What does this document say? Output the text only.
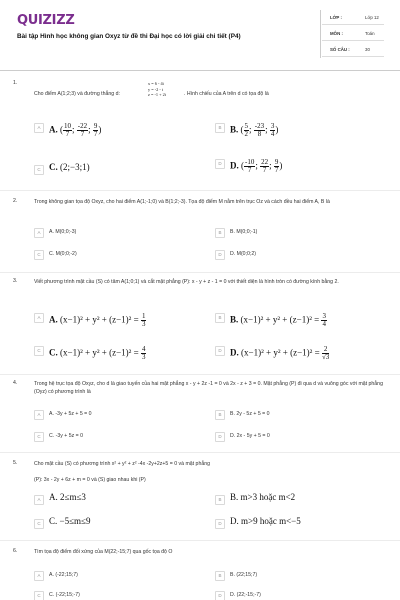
QUIZIZZ
Bài tập Hình học không gian Oxyz từ đề thi Đại học có lời giải chi tiết (P4)
LỚP :	Lớp 12
MÔN :	Toán
SỐ CÂU :	30
1.
Cho điểm A(1;2;3) và đường thẳng d:
x = 6 - 4t
y = -2 - t
z = -1 + 2t	. Hình chiếu của A trên d có tọa độ là
A A. ( $\frac{10}{7}$ ; $\frac{-22}{7}$ ; $\frac{9}{7}$ )	B B. ( $\frac{5}{2}$ ; $\frac{-23}{8}$ ; $\frac{3}{4}$ )
C C. (2;−3;1)	D D. ( $\frac{-10}{7}$ ; $\frac{22}{7}$ ; $\frac{9}{7}$ )
2.	Trong không gian tọa độ Oxyz, cho hai điểm A(1;-1;0) và B(1;2;-3). Tọa độ điểm M nằm trên trục Oz và cách đều hai điểm A, B là
A	A. M(0;0;-3)	B	B. M(0;0;-1)
C	C. M(0;0;-2)	D	D. M(0;0;2)
3.	Viết phương trình mặt cầu (S) có tâm A(1;0;1) và cắt mặt phẳng (P): x - y + z - 1 = 0 với thiết diện là hình tròn có đường kính bằng 2.
A A. $(x-1)^2 + y^2 + (z-1)^2 = \frac{1}{3}$	B B. $(x-1)^2 + y^2 + (z-1)^2 = \frac{3}{4}$
C C. $(x-1)^2 + y^2 + (z-1)^2 = \frac{4}{3}$	D D. $(x-1)^2 + y^2 + (z-1)^2 = \frac{2}{√3}$
4.	Trong hệ trục tọa độ Oxyz, cho d là giao tuyến của hai mặt phẳng x - y + 2z -1 = 0 và 2x - z + 3 = 0. Mặt phẳng (P) đi qua d và vuông góc với mặt phẳng (Oyz) có phương trình là
A	A. -3y + 5z + 5 = 0	B	B. 2y - 5z + 5 = 0
C	C. -3y + 5z = 0	D	D. 2x - 5y + 5 = 0
5.	Cho mặt cầu (S) có phương trình x² + y² + z² -4x -2y+2z+5 = 0 và mặt phẳng
(P): 3x - 2y + 6z + m = 0 và (S) giao nhau khi (P)
A A. 2≤m≤3	B B. m>3 hoặc m<2
C C. −5≤m≤9	D D. m>9 hoặc m<−5
6.	Tìm tọa độ điểm đối xứng của M(22;-15;7) qua gốc tọa độ O
A	A. (-22;15;7)	B	B. (22;15;7)
C	C. (-22;15;-7)	D	D. (22;-15;-7)
